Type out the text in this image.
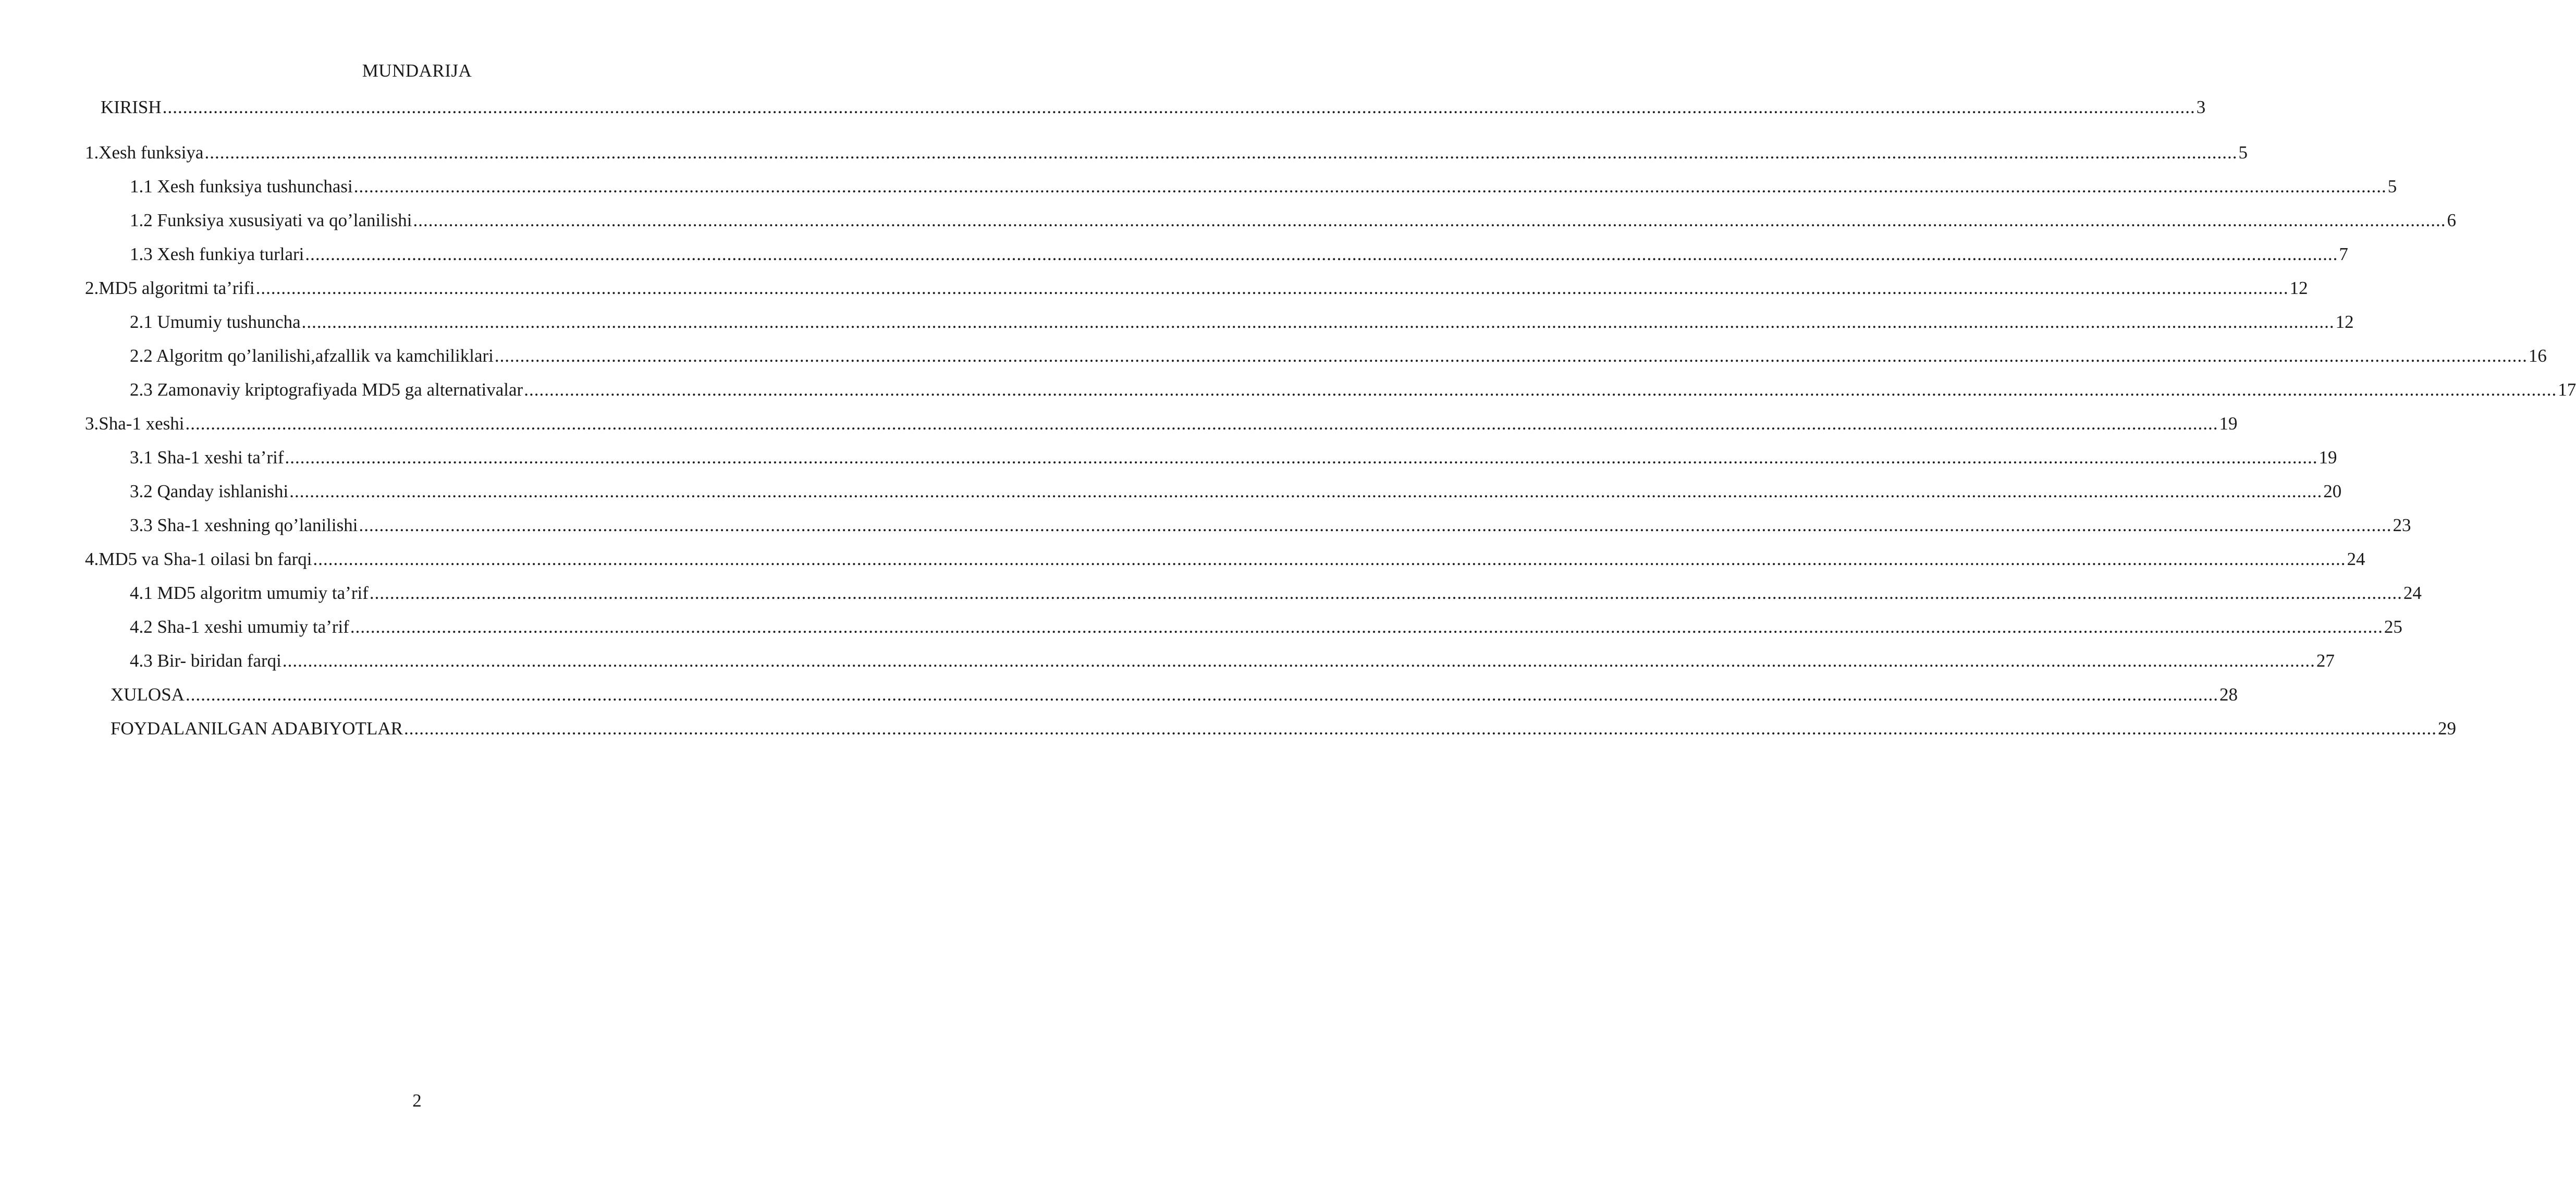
MUNDARIJA
KIRISH ................................................................................................................................................................................................................................................................................................................................................................................................................ 3
1. Xesh funksiya ................................................................................................................................................................................................................................................................................................................................................................................................................ 5
1.1 Xesh funksiya tushunchasi ................................................................................................................................................................................................................................................................................................................................................................................................................ 5
1.2 Funksiya xususiyati va qo’lanilishi ................................................................................................................................................................................................................................................................................................................................................................................................................ 6
1.3 Xesh funkiya turlari ................................................................................................................................................................................................................................................................................................................................................................................................................ 7
2. MD5 algoritmi ta’rifi ................................................................................................................................................................................................................................................................................................................................................................................................................ 12
2.1 Umumiy tushuncha ................................................................................................................................................................................................................................................................................................................................................................................................................ 12
2.2 Algoritm qo’lanilishi,afzallik va kamchiliklari ................................................................................................................................................................................................................................................................................................................................................................................................................ 16
2.3 Zamonaviy kriptografiyada MD5 ga alternativalar ................................................................................................................................................................................................................................................................................................................................................................................................................ 17
3. Sha-1 xeshi ................................................................................................................................................................................................................................................................................................................................................................................................................ 19
3.1 Sha-1 xeshi ta’rif ................................................................................................................................................................................................................................................................................................................................................................................................................ 19
3.2 Qanday ishlanishi ................................................................................................................................................................................................................................................................................................................................................................................................................ 20
3.3 Sha-1 xeshning qo’lanilishi ................................................................................................................................................................................................................................................................................................................................................................................................................ 23
4. MD5 va Sha-1 oilasi bn farqi ................................................................................................................................................................................................................................................................................................................................................................................................................ 24
4.1 MD5 algoritm umumiy ta’rif ................................................................................................................................................................................................................................................................................................................................................................................................................ 24
4.2 Sha-1 xeshi umumiy ta’rif ................................................................................................................................................................................................................................................................................................................................................................................................................ 25
4.3 Bir- biridan farqi ................................................................................................................................................................................................................................................................................................................................................................................................................ 27
XULOSA ................................................................................................................................................................................................................................................................................................................................................................................................................ 28
FOYDALANILGAN ADABIYOTLAR ................................................................................................................................................................................................................................................................................................................................................................................................................ 29
2
